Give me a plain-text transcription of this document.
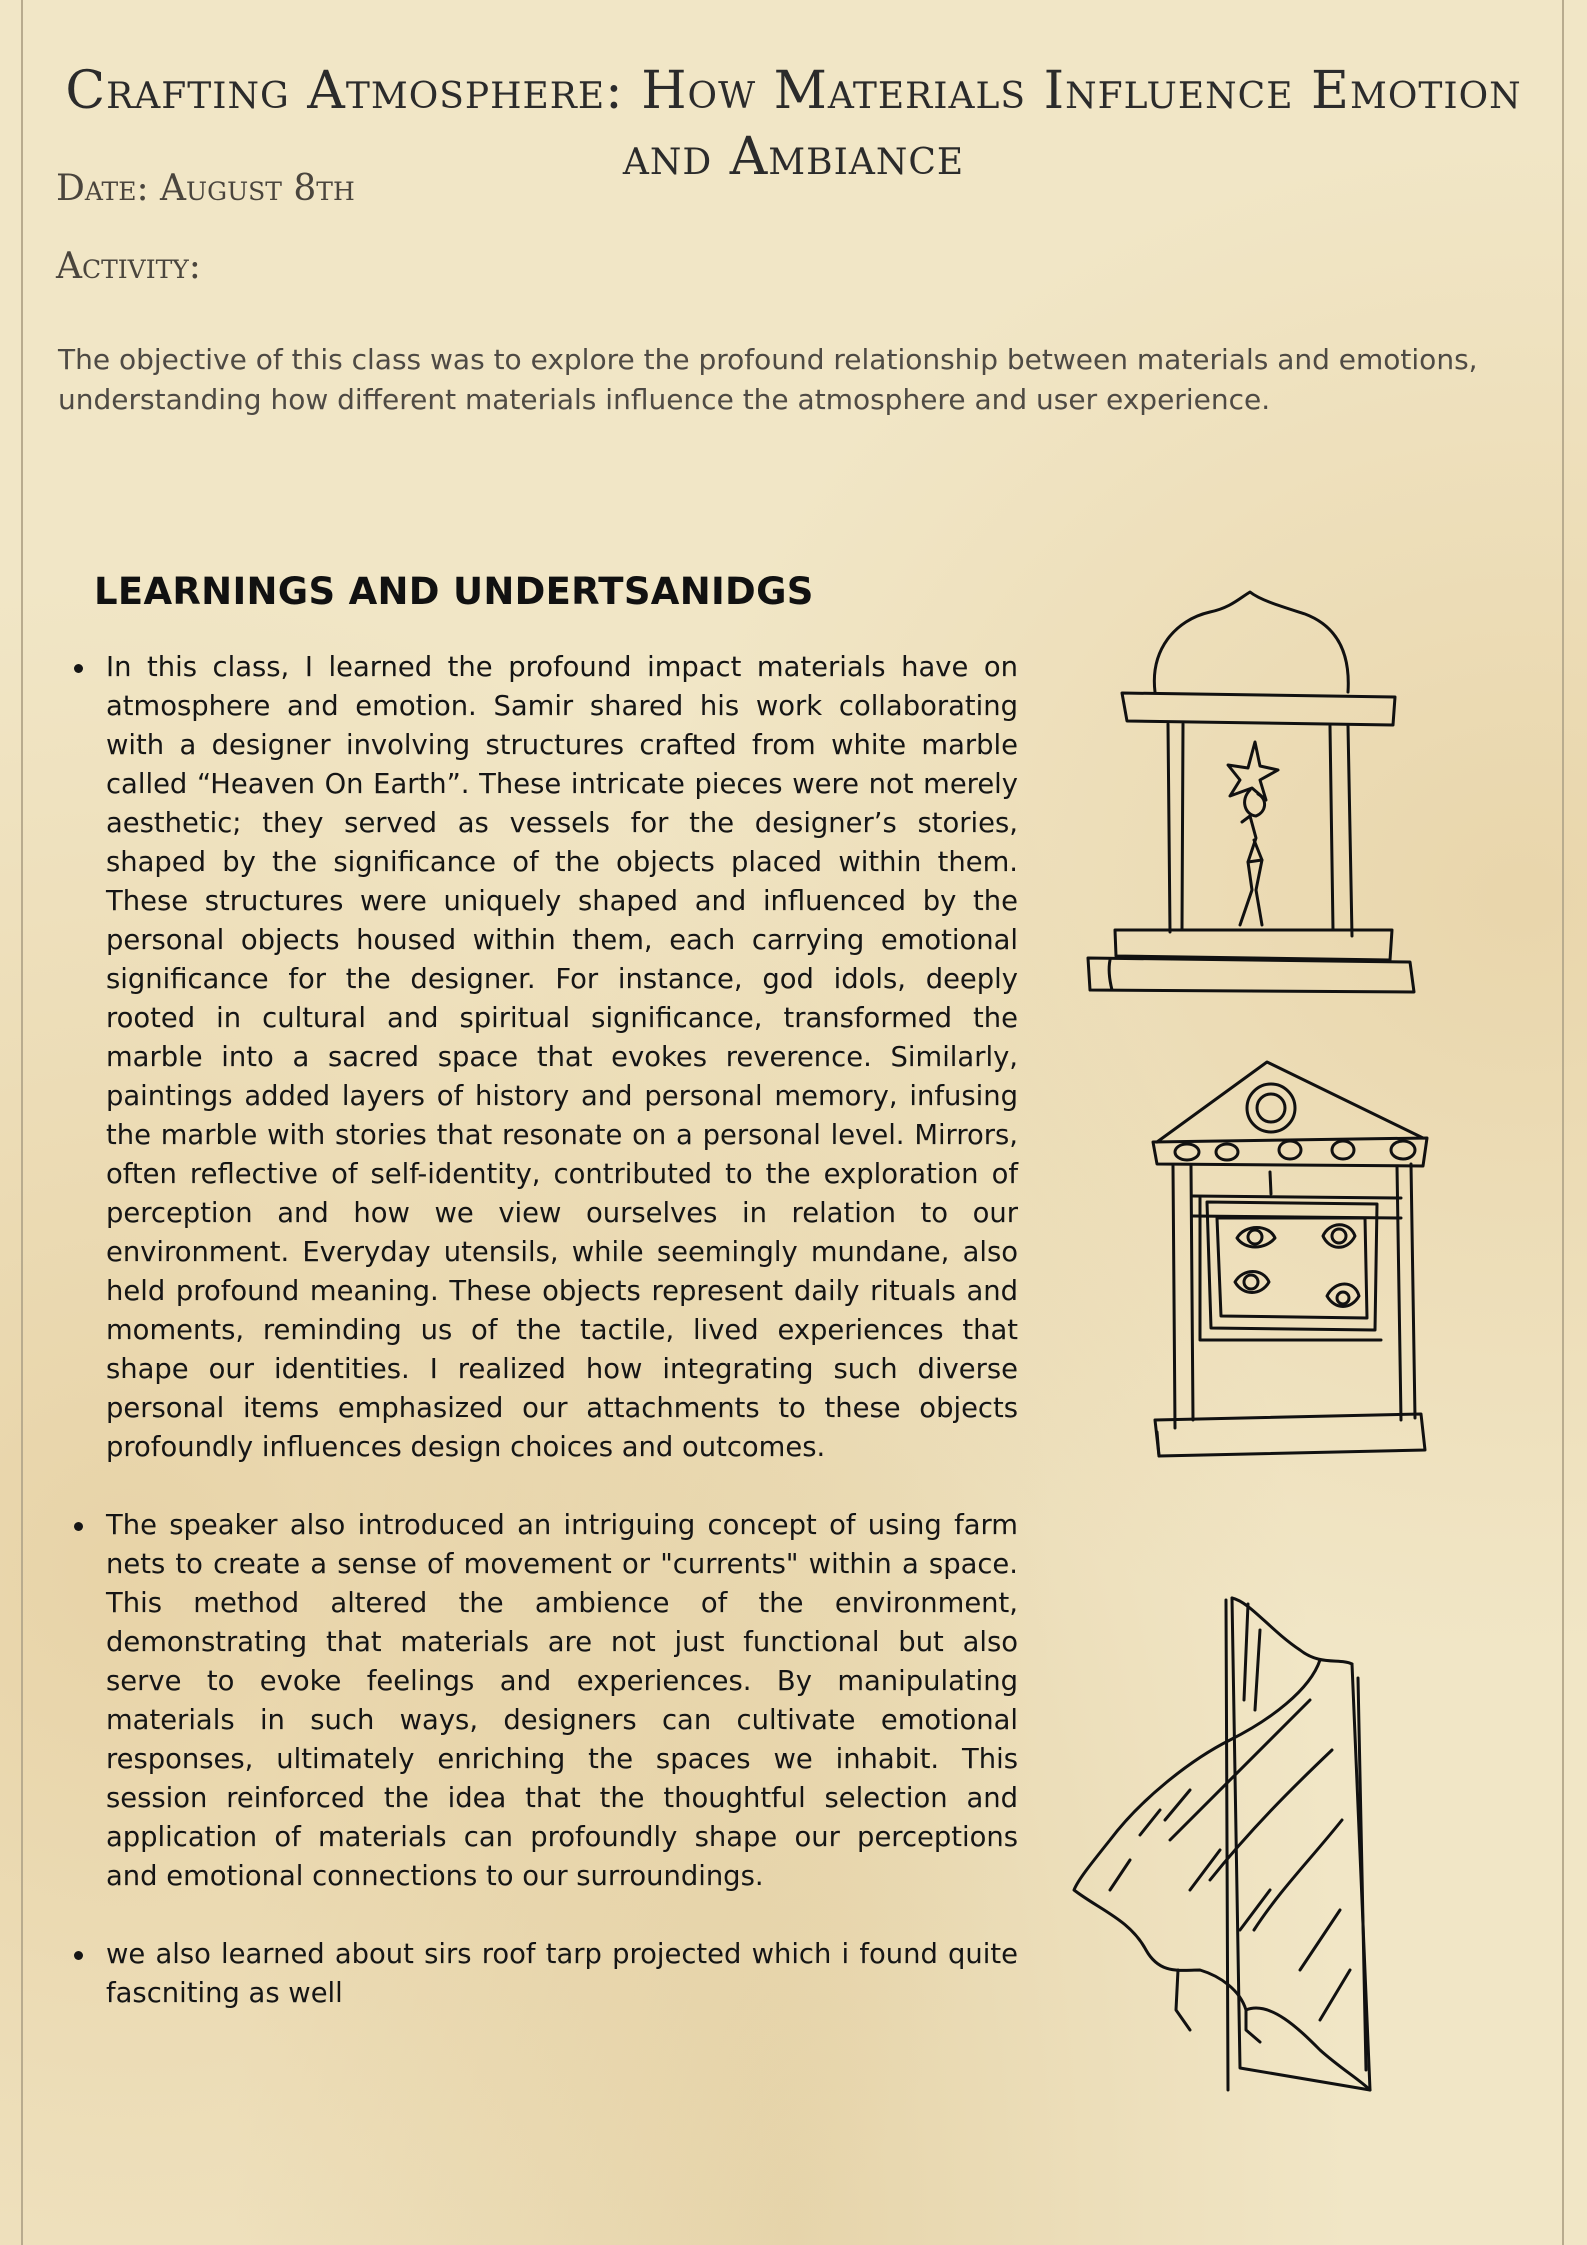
Crafting Atmosphere: How Materials Influence Emotion and Ambiance
Date: August 8th
Activity:

The objective of this class was to explore the profound relationship between materials and emotions, understanding how different materials influence the atmosphere and user experience.

LEARNINGS AND UNDERTSANIDGS
In this class, I learned the profound impact materials have on atmosphere and emotion. Samir shared his work collaborating with a designer involving structures crafted from white marble called “Heaven On Earth”. These intricate pieces were not merely aesthetic; they served as vessels for the designer’s stories, shaped by the significance of the objects placed within them. These structures were uniquely shaped and influenced by the personal objects housed within them, each carrying emotional significance for the designer. For instance, god idols, deeply rooted in cultural and spiritual significance, transformed the marble into a sacred space that evokes reverence. Similarly, paintings added layers of history and personal memory, infusing the marble with stories that resonate on a personal level. Mirrors, often reflective of self-identity, contributed to the exploration of perception and how we view ourselves in relation to our environment. Everyday utensils, while seemingly mundane, also held profound meaning. These objects represent daily rituals and moments, reminding us of the tactile, lived experiences that shape our identities. I realized how integrating such diverse personal items emphasized our attachments to these objects profoundly influences design choices and outcomes.
The speaker also introduced an intriguing concept of using farm nets to create a sense of movement or "currents" within a space. This method altered the ambience of the environment, demonstrating that materials are not just functional but also serve to evoke feelings and experiences. By manipulating materials in such ways, designers can cultivate emotional responses, ultimately enriching the spaces we inhabit. This session reinforced the idea that the thoughtful selection and application of materials can profoundly shape our perceptions and emotional connections to our surroundings.
we also learned about sirs roof tarp projected which i found quite fascniting as well
